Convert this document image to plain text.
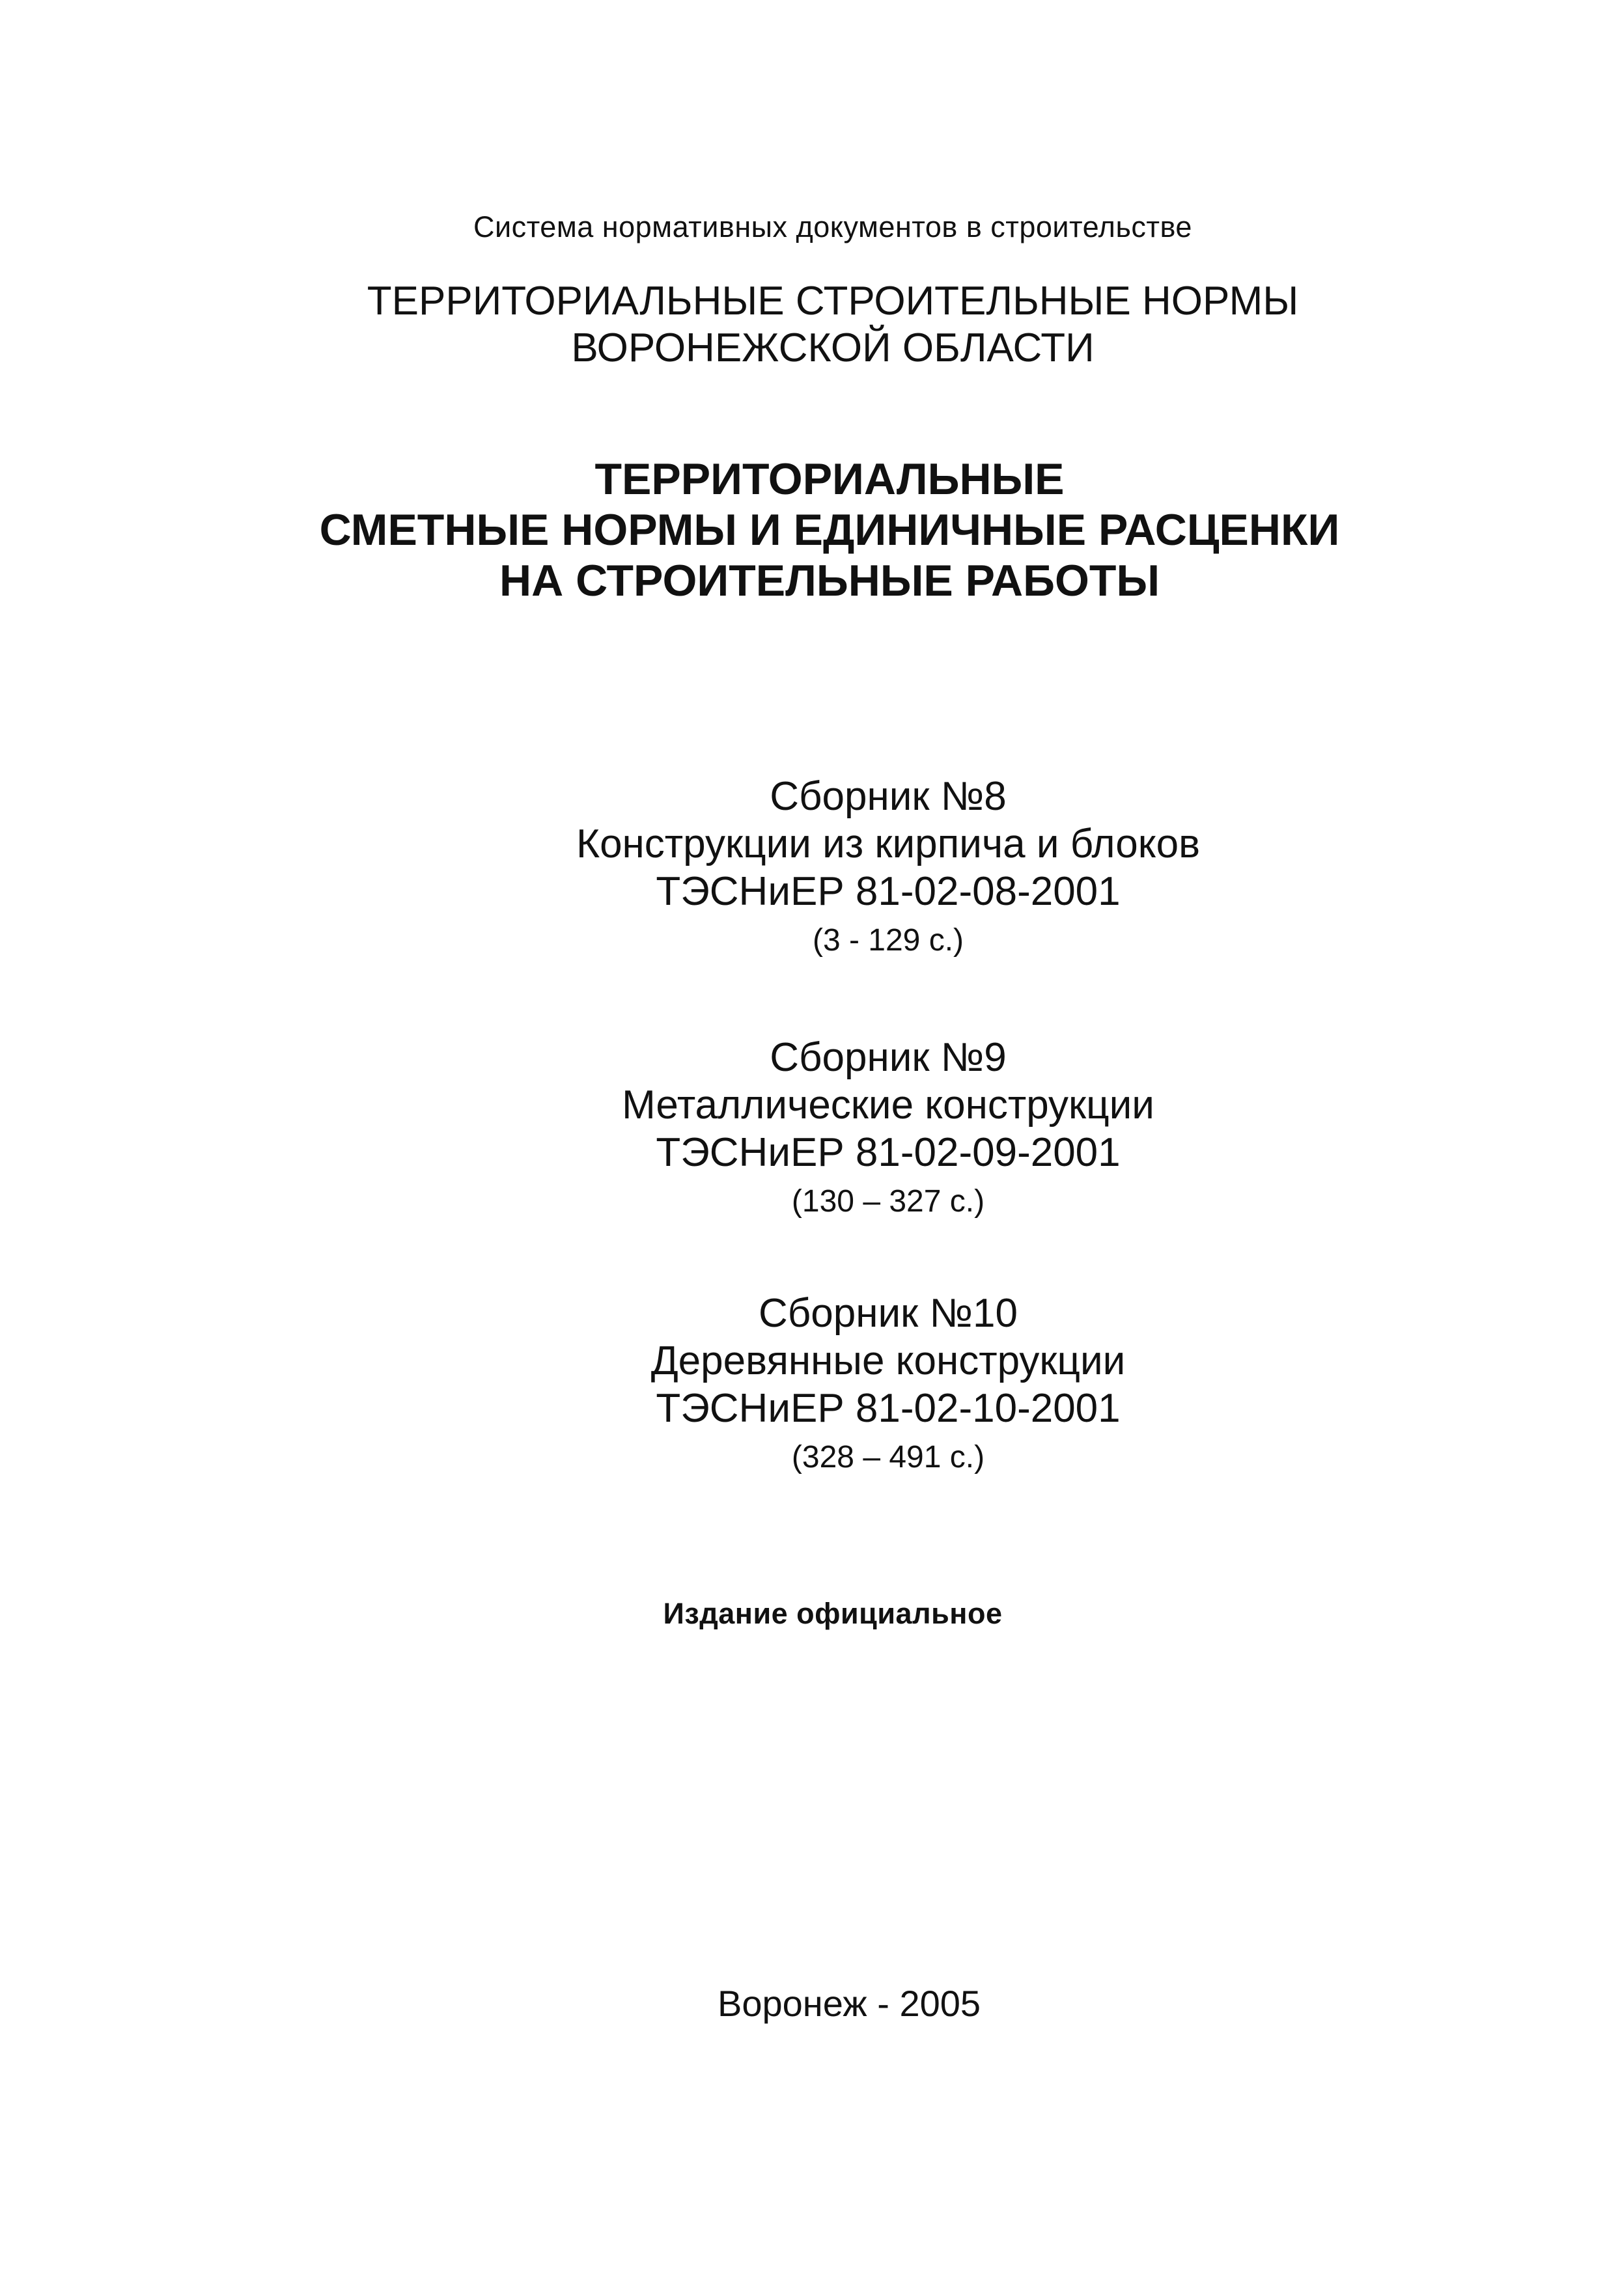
Система нормативных документов в строительстве
ТЕРРИТОРИАЛЬНЫЕ СТРОИТЕЛЬНЫЕ НОРМЫ
ВОРОНЕЖСКОЙ ОБЛАСТИ
ТЕРРИТОРИАЛЬНЫЕ
СМЕТНЫЕ НОРМЫ И ЕДИНИЧНЫЕ РАСЦЕНКИ
НА СТРОИТЕЛЬНЫЕ РАБОТЫ
Сборник №8
Конструкции из кирпича и блоков
ТЭСНиЕР 81-02-08-2001
(3 - 129 с.)
Сборник №9
Металлические конструкции
ТЭСНиЕР 81-02-09-2001
(130 – 327 с.)
Сборник №10
Деревянные конструкции
ТЭСНиЕР 81-02-10-2001
(328 – 491 с.)
Издание официальное
Воронеж - 2005
